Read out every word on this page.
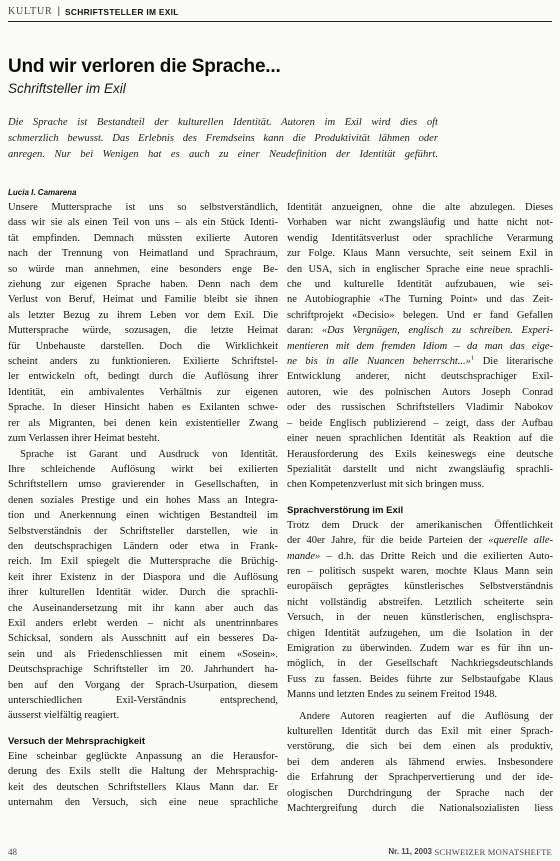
KULTUR | SCHRIFTSTELLER IM EXIL
Und wir verloren die Sprache...
Schriftsteller im Exil
Die Sprache ist Bestandteil der kulturellen Identität. Autoren im Exil wird dies oft
schmerzlich bewusst. Das Erlebnis des Fremdseins kann die Produktivität lähmen oder
anregen. Nur bei Wenigen hat es auch zu einer Neudefinition der Identität geführt.
Lucia I. Camarena
Unsere Muttersprache ist uns so selbstverständlich,
dass wir sie als einen Teil von uns – als ein Stück Identi-
tät empfinden. Demnach müssten exilierte Autoren
nach der Trennung von Heimatland und Sprachraum,
so würde man annehmen, eine besonders enge Be-
ziehung zur eigenen Sprache haben. Denn nach dem
Verlust von Beruf, Heimat und Familie bleibt sie ihnen
als letzter Bezug zu ihrem Leben vor dem Exil. Die
Muttersprache würde, sozusagen, die letzte Heimat
für Unbehauste darstellen. Doch die Wirklichkeit
scheint anders zu funktionieren. Exilierte Schriftstel-
ler entwickeln oft, bedingt durch die Auflösung ihrer
Identität, ein ambivalentes Verhältnis zur eigenen
Sprache. In dieser Hinsicht haben es Exilanten schwe-
rer als Migranten, bei denen kein existentieller Zwang
zum Verlassen ihrer Heimat besteht.
Sprache ist Garant und Ausdruck von Identität.
Ihre schleichende Auflösung wirkt bei exilierten
Schriftstellern umso gravierender in Gesellschaften, in
denen soziales Prestige und ein hohes Mass an Integra-
tion und Anerkennung einen wichtigen Bestandteil im
Selbstverständnis der Schriftsteller darstellen, wie in
den deutschsprachigen Ländern oder etwa in Frank-
reich. Im Exil spiegelt die Muttersprache die Brüchig-
keit ihrer Existenz in der Diaspora und die Auflösung
ihrer kulturellen Identität wider. Durch die sprachli-
che Auseinandersetzung mit ihr kann aber auch das
Exil anders erlebt werden – nicht als unentrinnbares
Schicksal, sondern als Ausschnitt auf ein besseres Da-
sein und als Friedenschliessen mit einem «Sosein».
Deutschsprachige Schriftsteller im 20. Jahrhundert ha-
ben auf den Vorgang der Sprach-Usurpation, diesem
unterschiedlichen Exil-Verständnis entsprechend,
äusserst vielfältig reagiert.
Versuch der Mehrsprachigkeit
Eine scheinbar geglückte Anpassung an die Herausfor-
derung des Exils stellt die Haltung der Mehrsprachig-
keit des deutschen Schriftstellers Klaus Mann dar. Er
unternahm den Versuch, sich eine neue sprachliche
Identität anzueignen, ohne die alte abzulegen. Dieses
Vorhaben war nicht zwangsläufig und hatte nicht not-
wendig Identitätsverlust oder sprachliche Verarmung
zur Folge. Klaus Mann versuchte, seit seinem Exil in
den USA, sich in englischer Sprache eine neue sprachli-
che und kulturelle Identität aufzubauen, wie sei-
ne Autobiographie «The Turning Point» und das Zeit-
schriftprojekt «Decisio» belegen. Und er fand Gefallen
daran: «Das Vergnügen, englisch zu schreiben. Experi-
mentieren mit dem fremden Idiom – da man das eige-
ne bis in alle Nuancen beherrscht...»$^1$ Die literarische
Entwicklung anderer, nicht deutschsprachiger Exil-
autoren, wie des polnischen Autors Joseph Conrad
oder des russischen Schriftstellers Vladimir Nabokov
– beide Englisch publizierend – zeigt, dass der Aufbau
einer neuen sprachlichen Identität als Reaktion auf die
Herausforderung des Exils keineswegs eine deutsche
Spezialität darstellt und nicht zwangsläufig sprachli-
chen Kompetenzverlust mit sich bringen muss.
Sprachverstörung im Exil
Trotz dem Druck der amerikanischen Öffentlichkeit
der 40er Jahre, für die beide Parteien der «querelle alle-
mande» – d.h. das Dritte Reich und die exilierten Auto-
ren – politisch suspekt waren, mochte Klaus Mann sein
europäisch geprägtes künstlerisches Selbstverständnis
nicht vollständig abstreifen. Letztlich scheiterte sein
Versuch, in der neuen künstlerischen, englischspra-
chigen Identität aufzugehen, um die Isolation in der
Emigration zu überwinden. Zudem war es für ihn un-
möglich, in der Gesellschaft Nachkriegsdeutschlands
Fuss zu fassen. Beides führte zur Selbstaufgabe Klaus
Manns und letzten Endes zu seinem Freitod 1948.
Andere Autoren reagierten auf die Auflösung der
kulturellen Identität durch das Exil mit einer Sprach-
verstörung, die sich bei dem einen als produktiv,
bei dem anderen als lähmend erwies. Insbesondere
die Erfahrung der Sprachpervertierung und der ide-
ologischen Durchdringung der Sprache nach der
Machtergreifung durch die Nationalsozialisten liess
48	Nr. 11, 2003 SCHWEIZER MONATSHEFTE
